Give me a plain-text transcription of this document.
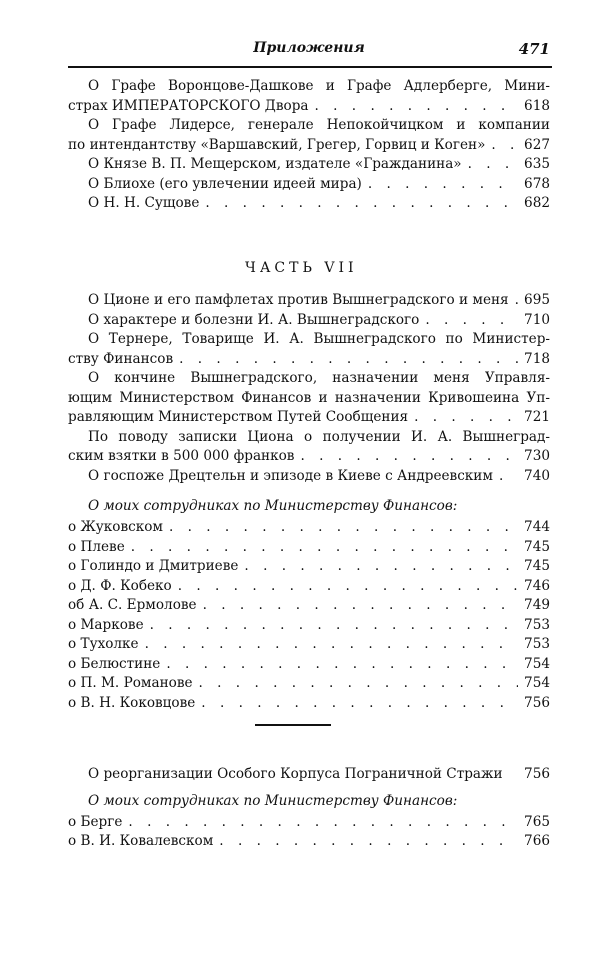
Приложения	471
О Графе Воронцове-Дашкове и Графе Адлерберге, Мини-
страх ИМПЕРАТОРСКОГО Двора . . .	618
О Графе Лидерсе, генерале Непокойчицком и компании
по интендантству «Варшавский, Грегер, Горвиц и Коген» . . .	627
О Князе В. П. Мещерском, издателе «Гражданина» . . .	635
О Блиохе (его увлечении идеей мира) . . .	678
О Н. Н. Сущове . . .	682
ЧАСТЬ VII
О Ционе и его памфлетах против Вышнеградского и меня . . .	695
О характере и болезни И. А. Вышнеградского . . .	710
О Тернере, Товарище И. А. Вышнеградского по Министер-
ству Финансов . . .	718
О кончине Вышнеградского, назначении меня Управля-
ющим Министерством Финансов и назначении Кривошеина Уп-
равляющим Министерством Путей Сообщения . . .	721
По поводу записки Циона о получении И. А. Вышнеград-
ским взятки в 500 000 франков . . .	730
О госпоже Дрецтельн и эпизоде в Киеве с Андреевским . . .	740
О моих сотрудниках по Министерству Финансов:
о Жуковском . . .	744
о Плеве . . .	745
о Голиндо и Дмитриеве . . .	745
о Д. Ф. Кобеко . . .	746
об А. С. Ермолове . . .	749
о Маркове . . .	753
о Тухолке . . .	753
о Белюстине . . .	754
о П. М. Романове . . .	754
о В. Н. Коковцове . . .	756
О реорганизации Особого Корпуса Пограничной Стражи	756
О моих сотрудниках по Министерству Финансов:
о Берге . . .	765
о В. И. Ковалевском . . .	766
